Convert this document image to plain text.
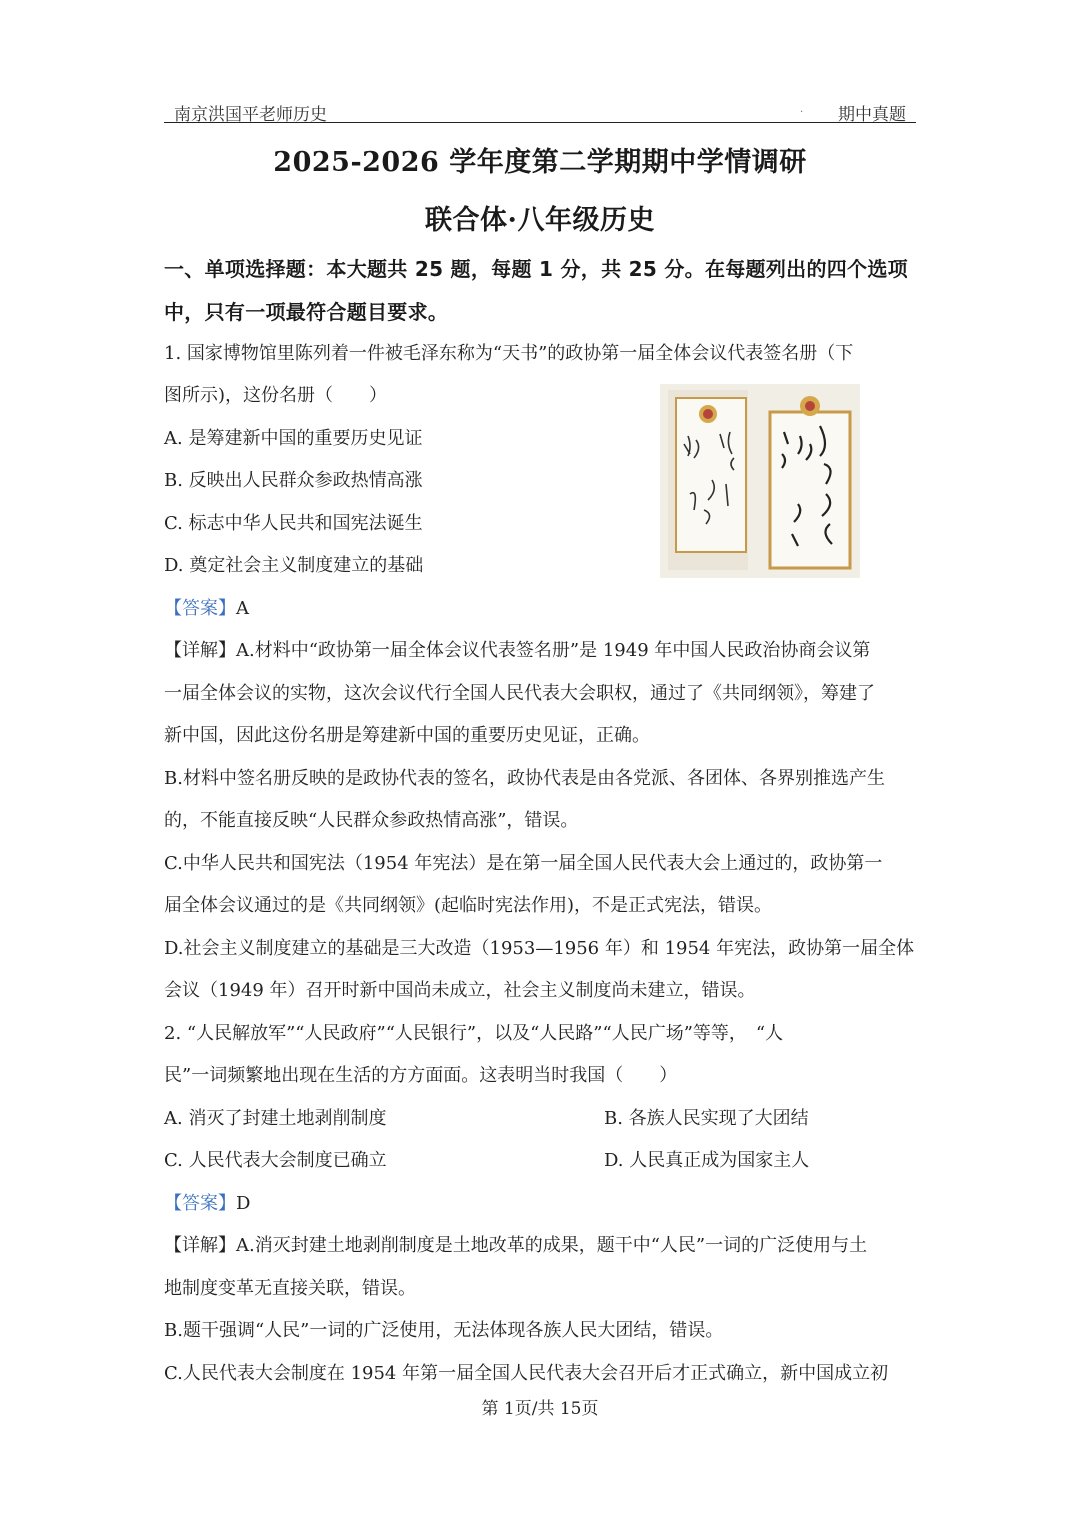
南京洪国平老师历史	. 期中真题
2025-2026 学年度第二学期期中学情调研
联合体·八年级历史
一、单项选择题：本大题共 25 题，每题 1 分，共 25 分。在每题列出的四个选项
中，只有一项最符合题目要求。
1. 国家博物馆里陈列着一件被毛泽东称为“天书”的政协第一届全体会议代表签名册（下
图所示)，这份名册（　　）
A. 是筹建新中国的重要历史见证
B. 反映出人民群众参政热情高涨
C. 标志中华人民共和国宪法诞生
D. 奠定社会主义制度建立的基础
【答案】A
【详解】A.材料中“政协第一届全体会议代表签名册”是 1949 年中国人民政治协商会议第
一届全体会议的实物，这次会议代行全国人民代表大会职权，通过了《共同纲领》，筹建了
新中国，因此这份名册是筹建新中国的重要历史见证，正确。
B.材料中签名册反映的是政协代表的签名，政协代表是由各党派、各团体、各界别推选产生
的，不能直接反映“人民群众参政热情高涨”，错误。
C.中华人民共和国宪法（1954 年宪法）是在第一届全国人民代表大会上通过的，政协第一
届全体会议通过的是《共同纲领》(起临时宪法作用)，不是正式宪法，错误。
D.社会主义制度建立的基础是三大改造（1953—1956 年）和 1954 年宪法，政协第一届全体
会议（1949 年）召开时新中国尚未成立，社会主义制度尚未建立，错误。
2. “人民解放军”“人民政府”“人民银行”，以及“人民路”“人民广场”等等，　“人
民”一词频繁地出现在生活的方方面面。这表明当时我国（　　）
A. 消灭了封建土地剥削制度	B. 各族人民实现了大团结
C. 人民代表大会制度已确立	D. 人民真正成为国家主人
【答案】D
【详解】A.消灭封建土地剥削制度是土地改革的成果，题干中“人民”一词的广泛使用与土
地制度变革无直接关联，错误。
B.题干强调“人民”一词的广泛使用，无法体现各族人民大团结，错误。
C.人民代表大会制度在 1954 年第一届全国人民代表大会召开后才正式确立，新中国成立初
第 1页/共 15页
